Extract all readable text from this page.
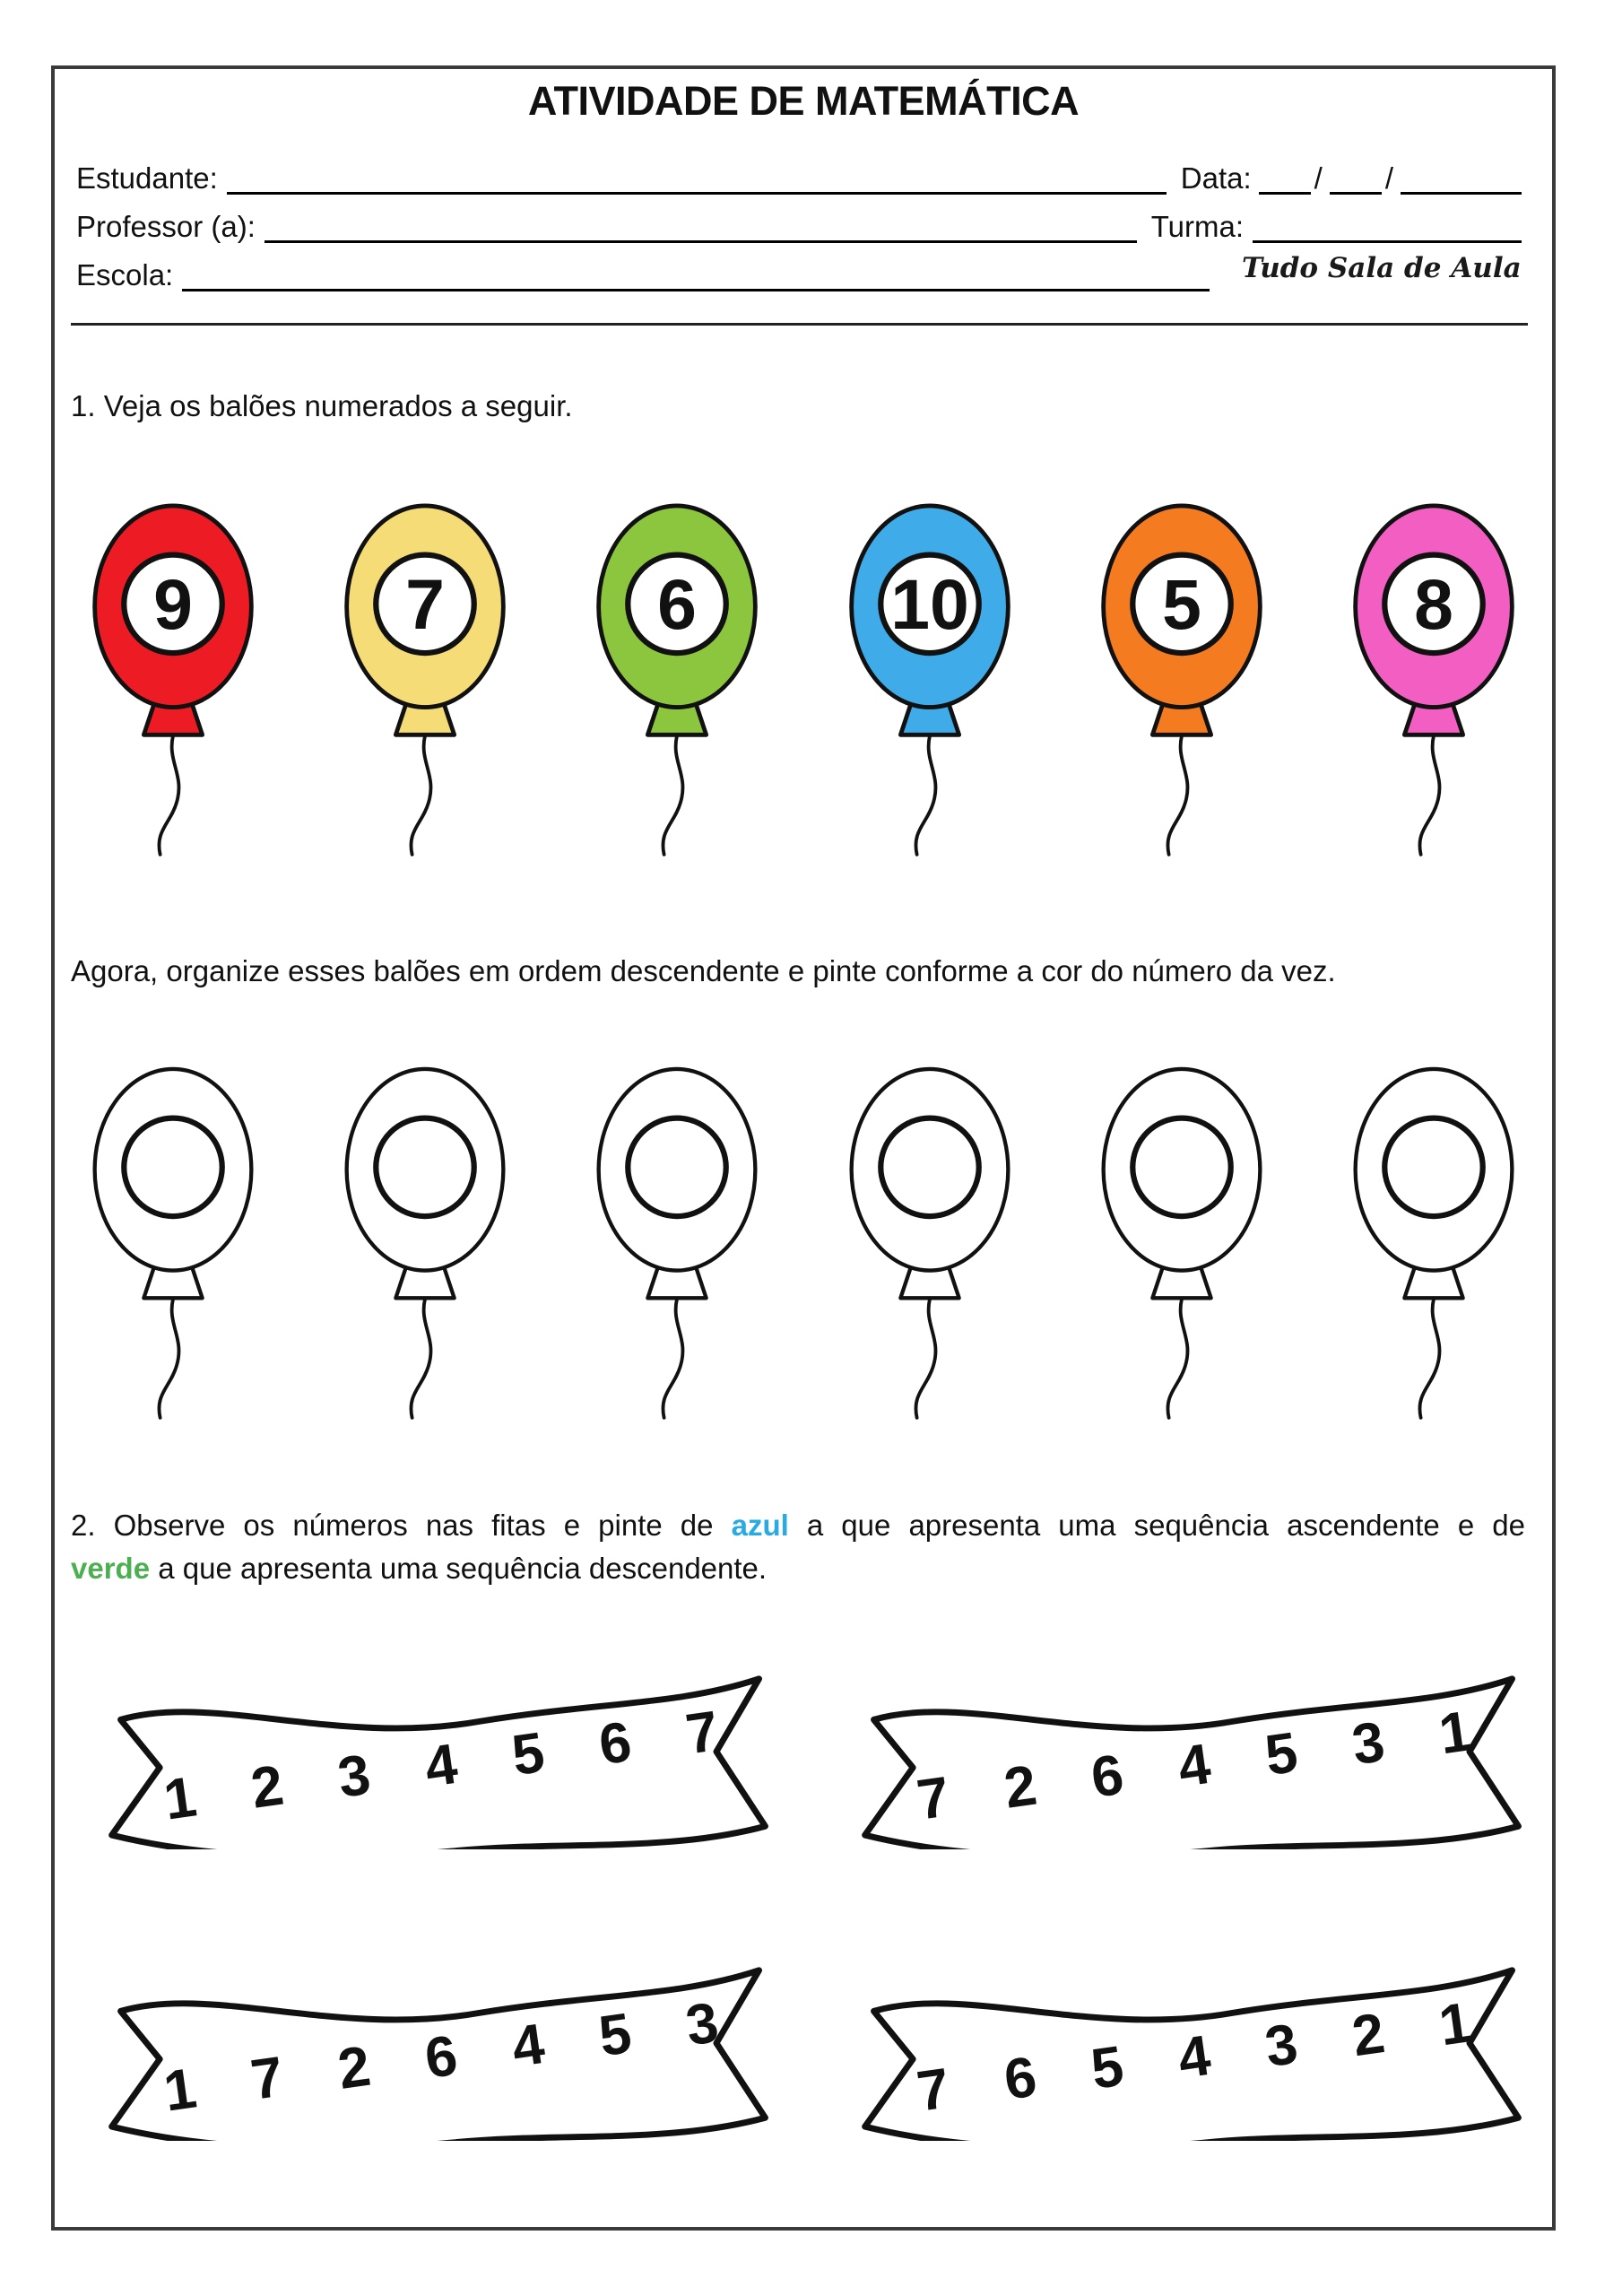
ATIVIDADE DE MATEMÁTICA
Estudante:	Data: / /
Professor (a):	Turma:
Escola:	Tudo Sala de Aula
1. Veja os balões numerados a seguir.
9	7	6	10	5	8
Agora, organize esses balões em ordem descendente e pinte conforme a cor do número da vez.
2. Observe os números nas fitas e pinte de azul a que apresenta uma sequência ascendente e de
verde a que apresenta uma sequência descendente.
1 2 3 4 5 6 7
7 2 6 4 5 3 1
1 7 2 6 4 5 3
7 6 5 4 3 2 1
